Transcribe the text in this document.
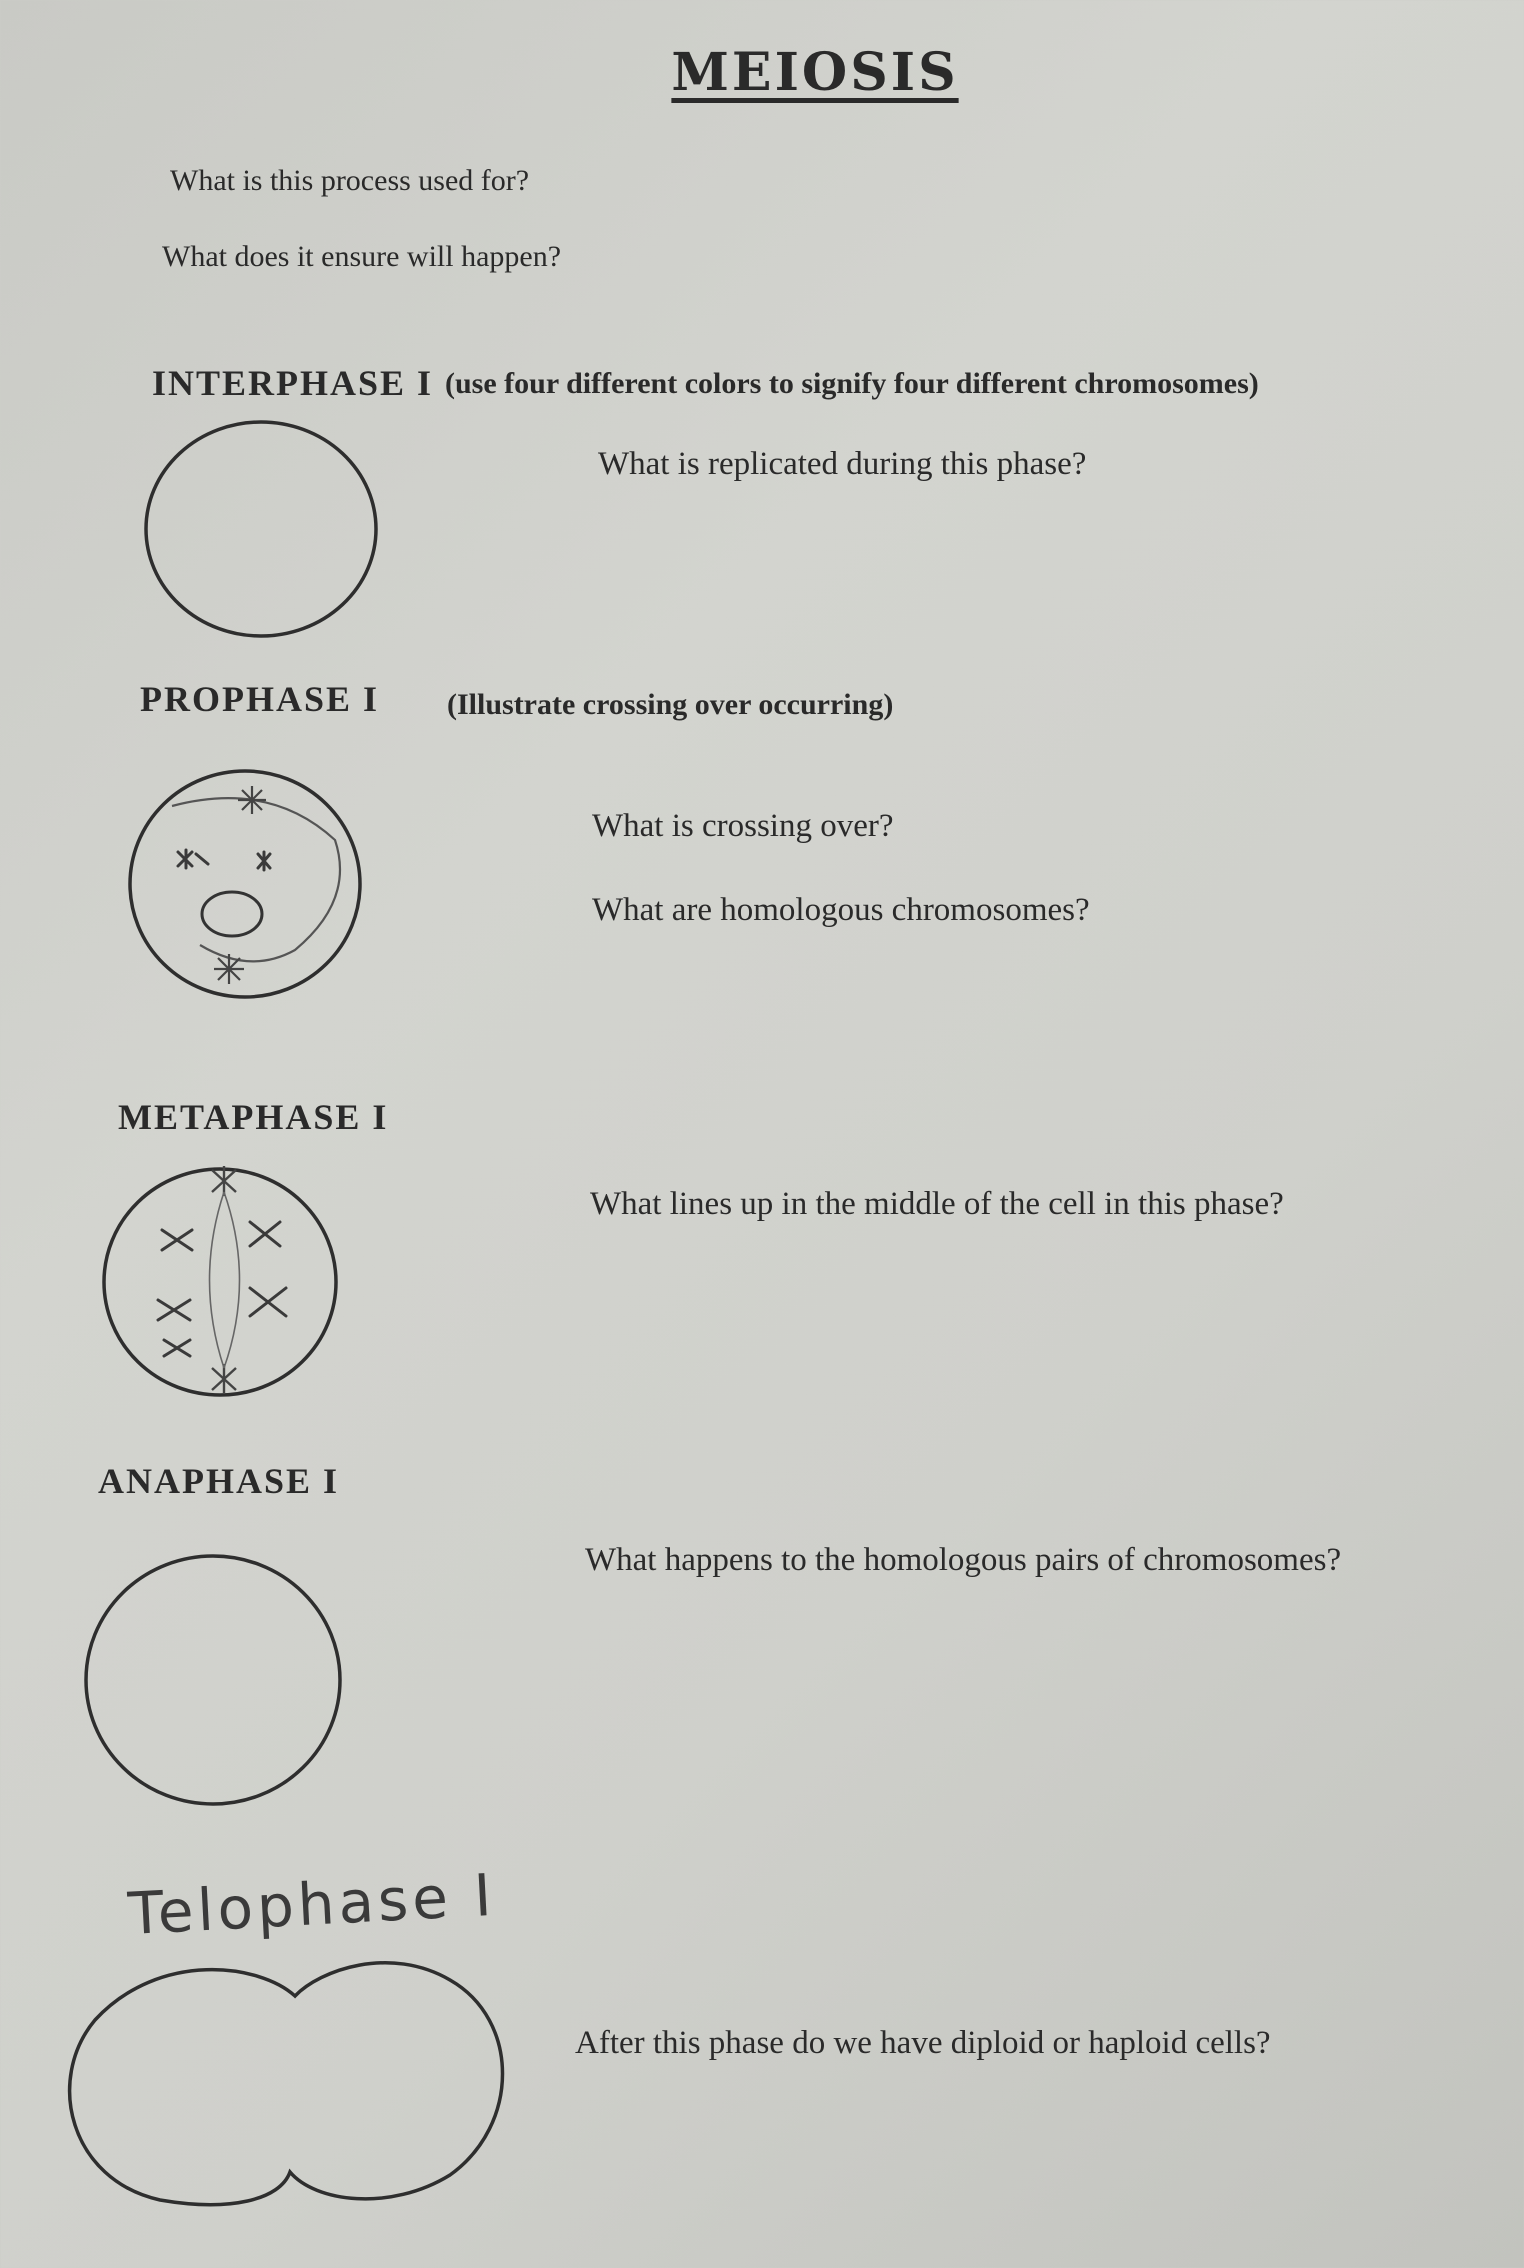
MEIOSIS
What is this process used for?
What does it ensure will happen?
INTERPHASE I (use four different colors to signify four different chromosomes)
What is replicated during this phase?
PROPHASE I (Illustrate crossing over occurring)
What is crossing over?
What are homologous chromosomes?
METAPHASE I
What lines up in the middle of the cell in this phase?
ANAPHASE I
What happens to the homologous pairs of chromosomes?
Telophase I
After this phase do we have diploid or haploid cells?
